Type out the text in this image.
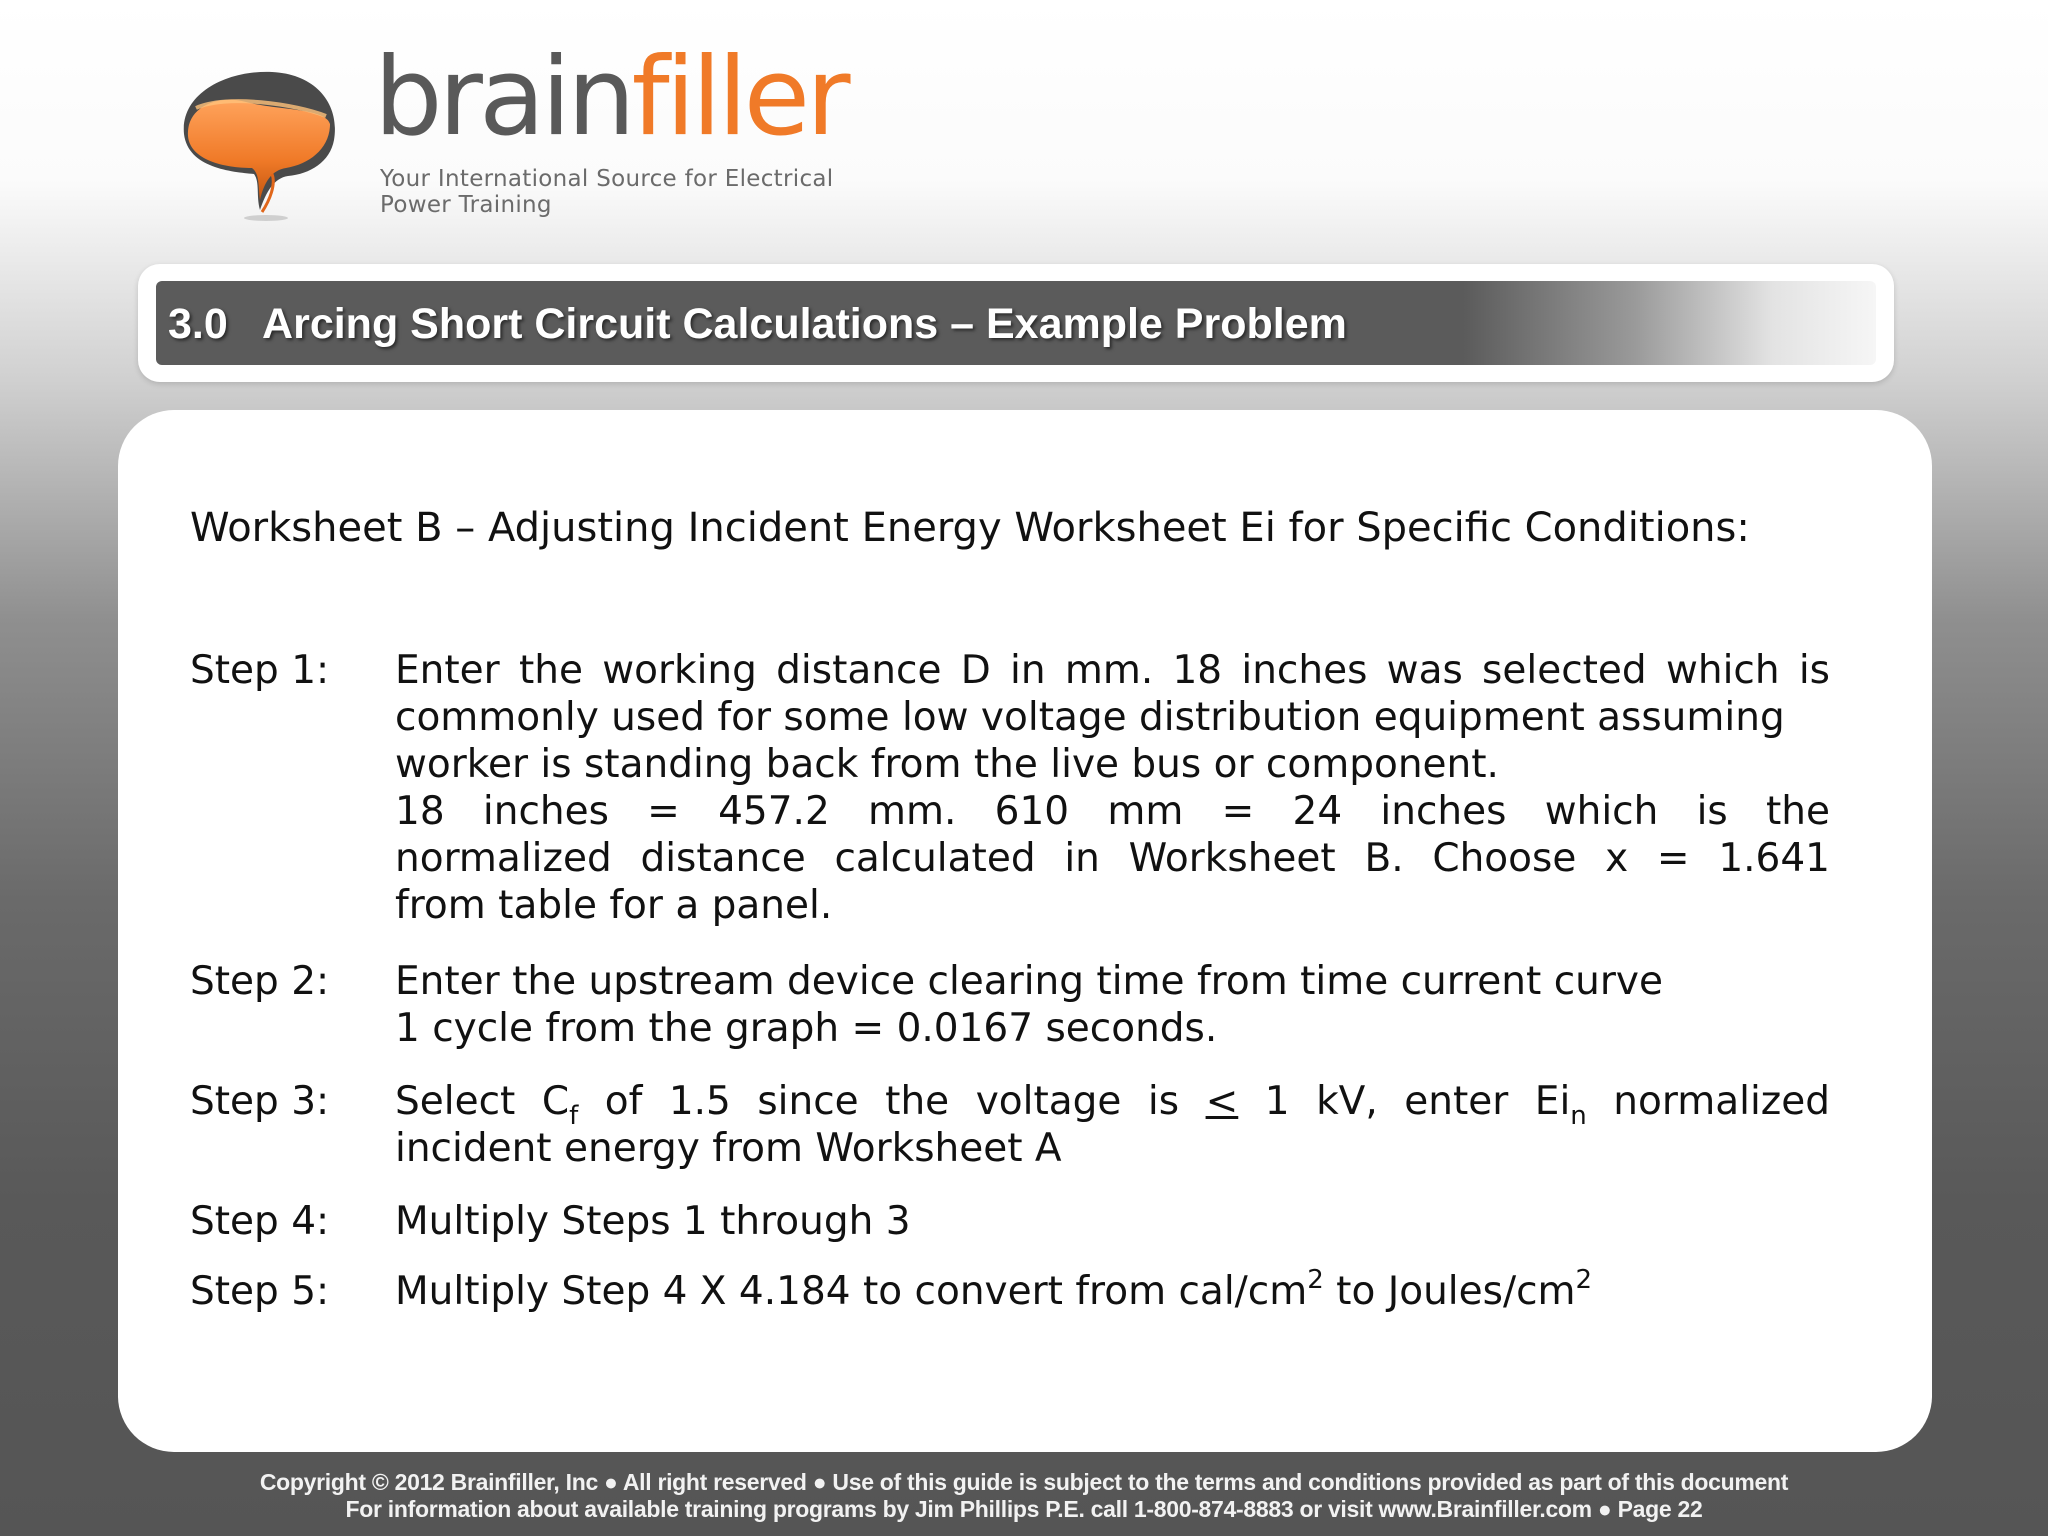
brainfiller
Your International Source for Electrical
Power Training
3.0 Arcing Short Circuit Calculations – Example Problem
Worksheet B – Adjusting Incident Energy Worksheet Ei for Specific Conditions:
Step 1: Enter the working distance D in mm. 18 inches was selected which is
commonly used for some low voltage distribution equipment assuming
worker is standing back from the live bus or component.
18 inches = 457.2 mm. 610 mm = 24 inches which is the
normalized distance calculated in Worksheet B. Choose x = 1.641
from table for a panel.
Step 2: Enter the upstream device clearing time from time current curve
1 cycle from the graph = 0.0167 seconds.
Step 3: Select $C_f$ of 1.5 since the voltage is ≤ 1 kV, enter $Ei_n$ normalized
incident energy from Worksheet A
Step 4: Multiply Steps 1 through 3
Step 5: Multiply Step 4 X 4.184 to convert from cal/$cm^2$ to Joules/$cm^2$
Copyright © 2012 Brainfiller, Inc ● All right reserved ● Use of this guide is subject to the terms and conditions provided as part of this document
For information about available training programs by Jim Phillips P.E. call 1-800-874-8883 or visit www.Brainfiller.com ● Page 22
